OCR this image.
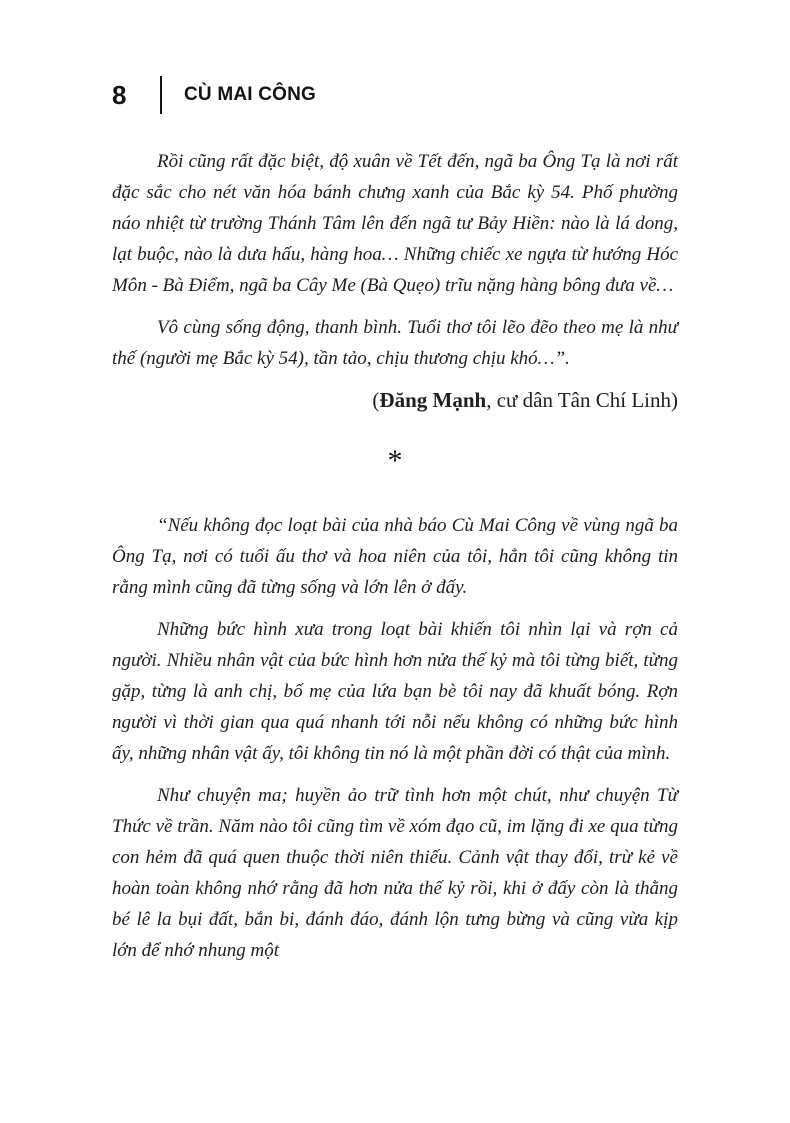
8	CÙ MAI CÔNG

Rồi cũng rất đặc biệt, độ xuân về Tết đến, ngã ba Ông Tạ là nơi rất đặc sắc cho nét văn hóa bánh chưng xanh của Bắc kỳ 54. Phố phường náo nhiệt từ trường Thánh Tâm lên đến ngã tư Bảy Hiền: nào là lá dong, lạt buộc, nào là dưa hấu, hàng hoa… Những chiếc xe ngựa từ hướng Hóc Môn - Bà Điểm, ngã ba Cây Me (Bà Quẹo) trĩu nặng hàng bông đưa về…

Vô cùng sống động, thanh bình. Tuổi thơ tôi lẽo đẽo theo mẹ là như thế (người mẹ Bắc kỳ 54), tần tảo, chịu thương chịu khó…”.

(Đăng Mạnh, cư dân Tân Chí Linh)

*

“Nếu không đọc loạt bài của nhà báo Cù Mai Công về vùng ngã ba Ông Tạ, nơi có tuổi ấu thơ và hoa niên của tôi, hẳn tôi cũng không tin rằng mình cũng đã từng sống và lớn lên ở đấy.

Những bức hình xưa trong loạt bài khiến tôi nhìn lại và rợn cả người. Nhiều nhân vật của bức hình hơn nửa thế kỷ mà tôi từng biết, từng gặp, từng là anh chị, bố mẹ của lứa bạn bè tôi nay đã khuất bóng. Rợn người vì thời gian qua quá nhanh tới nỗi nếu không có những bức hình ấy, những nhân vật ấy, tôi không tin nó là một phần đời có thật của mình.

Như chuyện ma; huyền ảo trữ tình hơn một chút, như chuyện Từ Thức về trần. Năm nào tôi cũng tìm về xóm đạo cũ, im lặng đi xe qua từng con hẻm đã quá quen thuộc thời niên thiếu. Cảnh vật thay đổi, trừ kẻ về hoàn toàn không nhớ rằng đã hơn nửa thế kỷ rồi, khi ở đấy còn là thằng bé lê la bụi đất, bắn bi, đánh đáo, đánh lộn tưng bừng và cũng vừa kịp lớn để nhớ nhung một
